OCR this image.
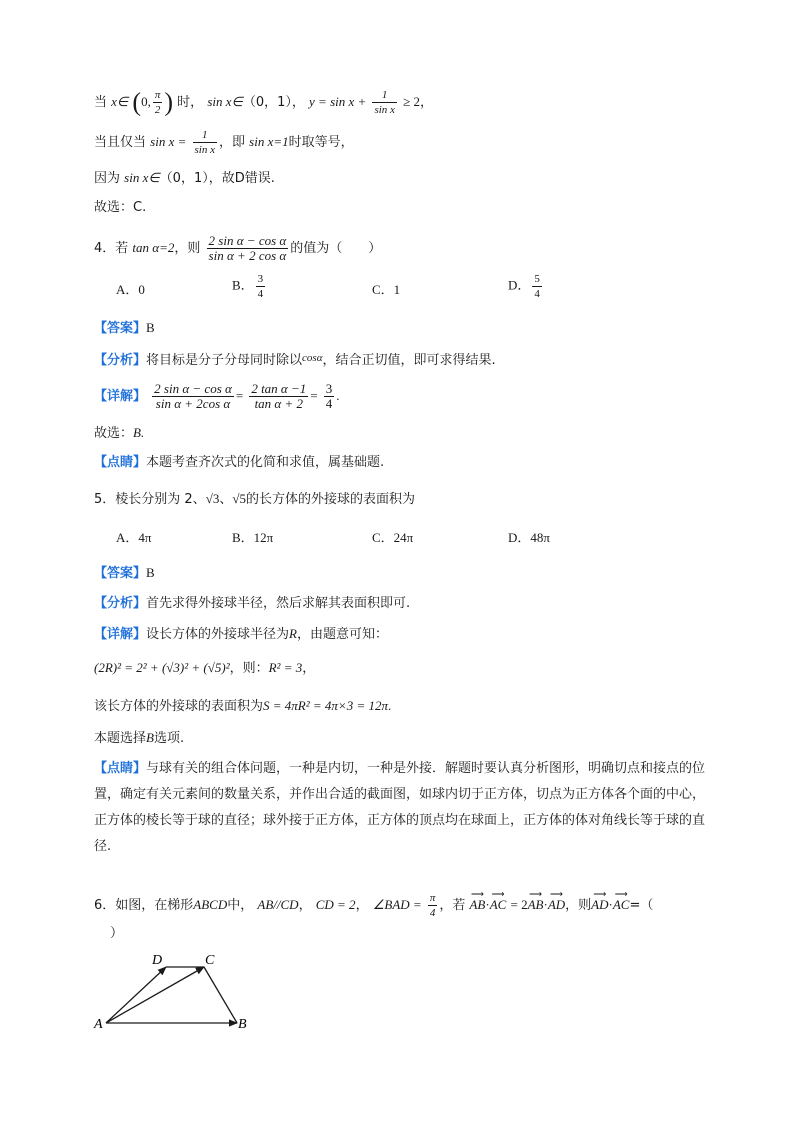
当 x∈ (0, $\frac{\pi}{2}$ ) 时， sin x∈（0，1）， $y = \sin x + \frac{1}{\text{sin x}} \ge 2$，
当且仅当 $\sin x = \frac{1}{\text{sin x}}$ ，即 sin x=1时取等号，
因为 sin x∈（0，1），故D错误.
故选：C.
4．若 tan α=2，则 $\frac{\text{2 sin α − cos α}}{\text{sin α + 2 cos α}}$ 的值为（　　）
A．0	B． $\frac{3}{4}$	C．1	D． $\frac{5}{4}$
【答案】B
【分析】将目标是分子分母同时除以$^{cos\alpha}$，结合正切值，即可求得结果.
【详解】 $\frac{\text{2 sin α − cos α}}{\text{sin α + 2cos α}} = \frac{\text{2 tan α −1}}{\text{tan α + 2}} = \frac{3}{4}$ .
故选：B.
【点睛】本题考查齐次式的化简和求值，属基础题.
5．棱长分别为 2、√3、√5的长方体的外接球的表面积为
A．4π	B．12π	C．24π	D．48π
【答案】B
【分析】首先求得外接球半径，然后求解其表面积即可.
【详解】设长方体的外接球半径为R，由题意可知：
(2R)² = 2² + (√3)² + (√5)²，则：R² = 3，
该长方体的外接球的表面积为S = 4πR² = 4π×3 = 12π.
本题选择B选项.
【点睛】与球有关的组合体问题，一种是内切，一种是外接．解题时要认真分析图形，明确切点和接点的位置，确定有关元素间的数量关系，并作出合适的截面图，如球内切于正方体，切点为正方体各个面的中心，正方体的棱长等于球的直径；球外接于正方体，正方体的顶点均在球面上，正方体的体对角线长等于球的直径.
6．如图，在梯形ABCD中， AB//CD， CD = 2， ∠BAD = $\frac{\pi}{4}$ ，若 ⟶ AB·⟶ AC = 2⟶ AB·⟶ AD，则⟶ AD·⟶ AC=（
）
A	B
C
D
